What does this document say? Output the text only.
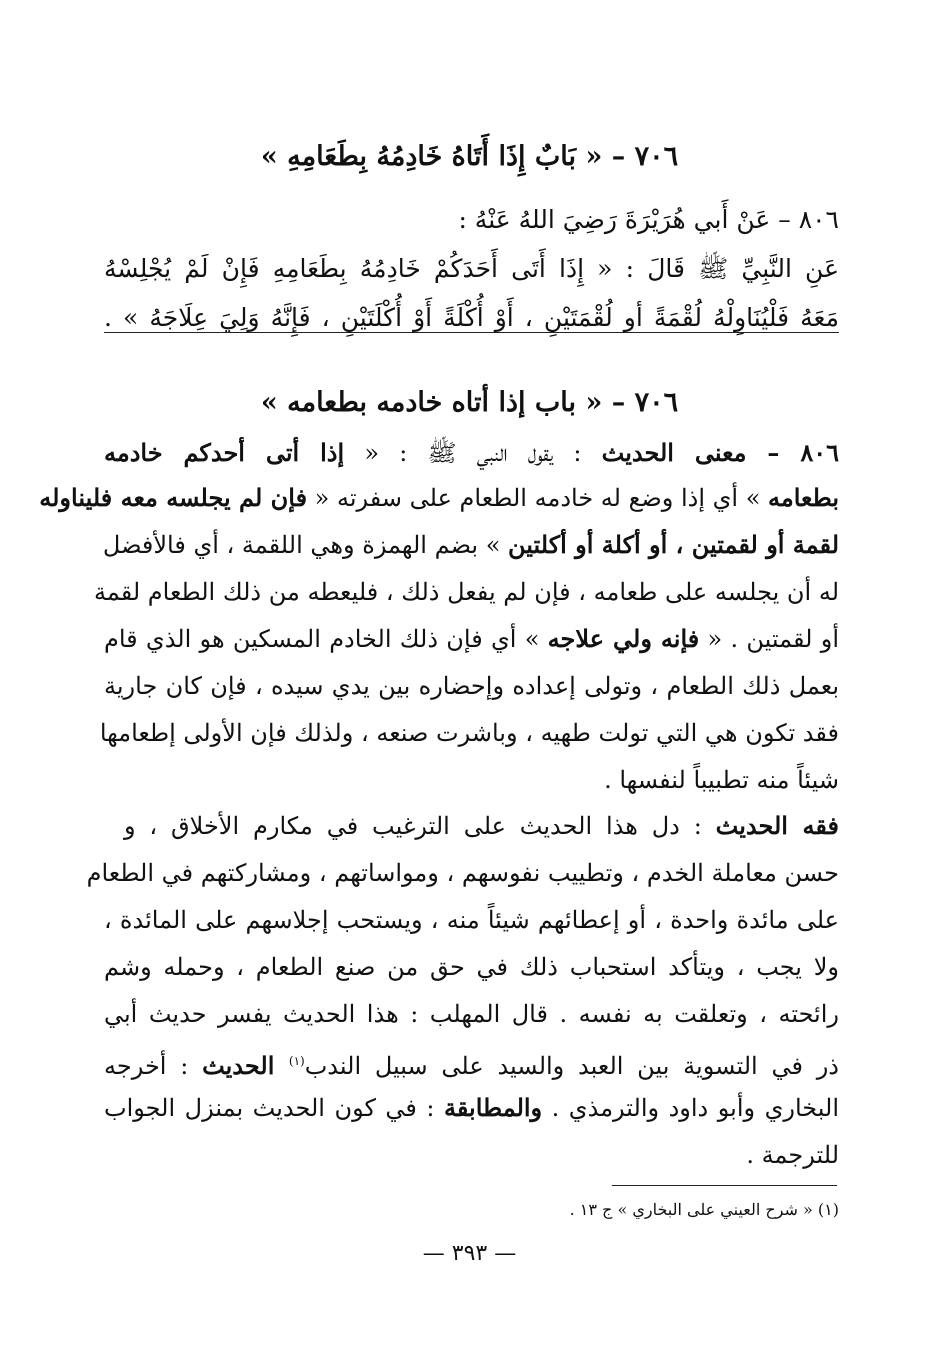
٧٠٦ – « بَابٌ إِذَا أَتَاهُ خَادِمُهُ بِطَعَامِهِ »
٨٠٦ – عَنْ أَبي هُرَيْرَةَ رَضِيَ اللهُ عَنْهُ :
عَنِ النَّبِيِّ ﷺ قَالَ : « إِذَا أَتَى أَحَدَكُمْ خَادِمُهُ بِطَعَامِهِ فَإِنْ لَمْ يُجْلِسْهُ
مَعَهُ فَلْيُنَاوِلْهُ لُقْمَةً أو لُقْمَتَيْنِ ، أَوْ أُكْلَةً أَوْ أُكْلَتَيْنِ ، فَإِنَّهُ وَلِيَ عِلَاجَهُ » .
٧٠٦ – « باب إذا أتاه خادمه بطعامه »
٨٠٦ – معنى الحديث : يقول النبي ﷺ : « إذا أتى أحدكم خادمه
بطعامه » أي إذا وضع له خادمه الطعام على سفرته « فإن لم يجلسه معه فليناوله
لقمة أو لقمتين ، أو أكلة أو أكلتين » بضم الهمزة وهي اللقمة ، أي فالأفضل
له أن يجلسه على طعامه ، فإن لم يفعل ذلك ، فليعطه من ذلك الطعام لقمة
أو لقمتين . « فإنه ولي علاجه » أي فإن ذلك الخادم المسكين هو الذي قام
بعمل ذلك الطعام ، وتولى إعداده وإحضاره بين يدي سيده ، فإن كان جارية
فقد تكون هي التي تولت طهيه ، وباشرت صنعه ، ولذلك فإن الأولى إطعامها
شيئاً منه تطبيباً لنفسها .
فقه الحديث : دل هذا الحديث على الترغيب في مكارم الأخلاق ، و
حسن معاملة الخدم ، وتطييب نفوسهم ، ومواساتهم ، ومشاركتهم في الطعام
على مائدة واحدة ، أو إعطائهم شيئاً منه ، ويستحب إجلاسهم على المائدة ،
ولا يجب ، ويتأكد استحباب ذلك في حق من صنع الطعام ، وحمله وشم
رائحته ، وتعلقت به نفسه . قال المهلب : هذا الحديث يفسر حديث أبي
ذر في التسوية بين العبد والسيد على سبيل الندب$^{(١)}$ الحديث : أخرجه
البخاري وأبو داود والترمذي . والمطابقة : في كون الحديث بمنزل الجواب
للترجمة .
(١) « شرح العيني على البخاري » ج ١٣ .
— ٣٩٣ —
